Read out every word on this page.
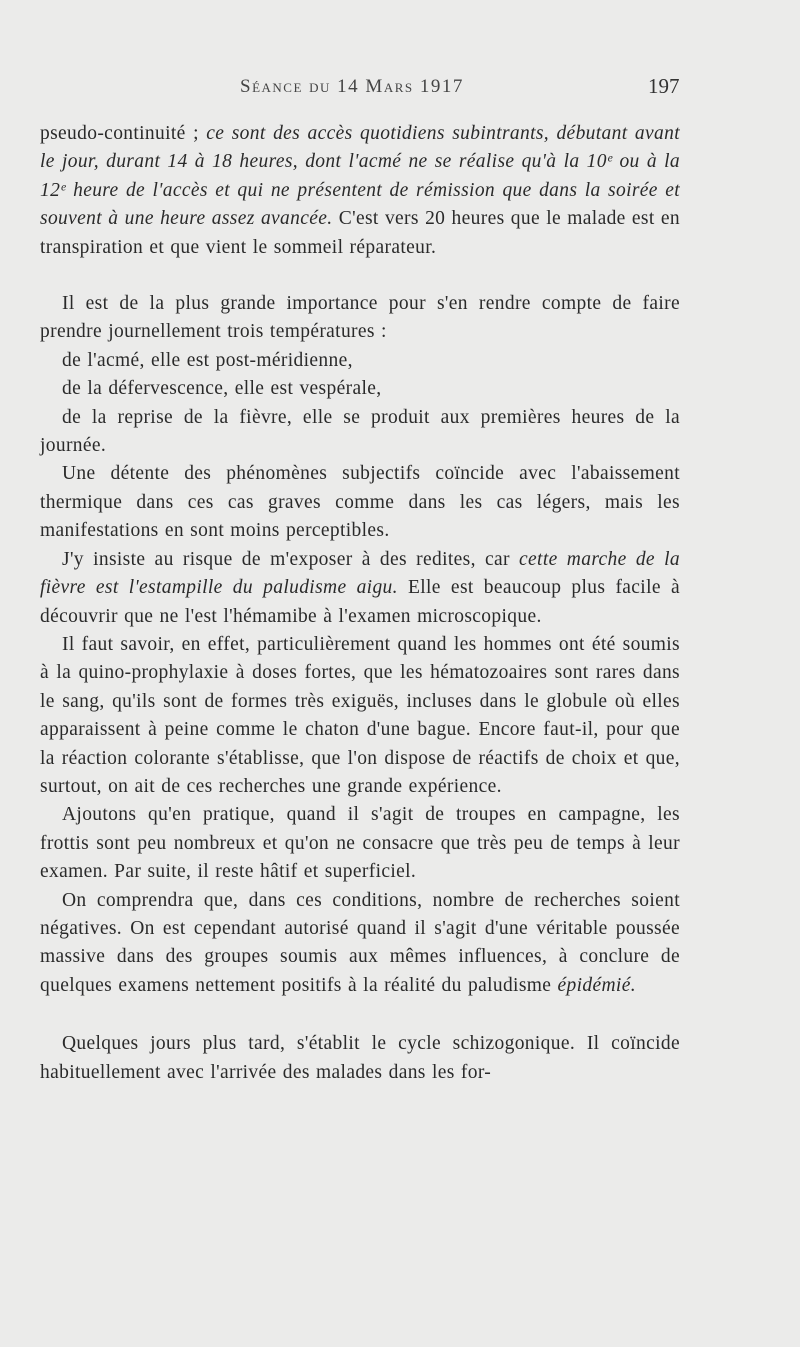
Séance du 14 Mars 1917	197

pseudo-continuité ; ce sont des accès quotidiens subintrants, débutant avant le jour, durant 14 à 18 heures, dont l'acmé ne se réalise qu'à la 10ᵉ ou à la 12ᵉ heure de l'accès et qui ne présentent de rémission que dans la soirée et souvent à une heure assez avancée. C'est vers 20 heures que le malade est en transpiration et que vient le sommeil réparateur.

Il est de la plus grande importance pour s'en rendre compte de faire prendre journellement trois températures :

de l'acmé, elle est post-méridienne,

de la défervescence, elle est vespérale,

de la reprise de la fièvre, elle se produit aux premières heures de la journée.

Une détente des phénomènes subjectifs coïncide avec l'abaissement thermique dans ces cas graves comme dans les cas légers, mais les manifestations en sont moins perceptibles.

J'y insiste au risque de m'exposer à des redites, car cette marche de la fièvre est l'estampille du paludisme aigu. Elle est beaucoup plus facile à découvrir que ne l'est l'hémamibe à l'examen microscopique.

Il faut savoir, en effet, particulièrement quand les hommes ont été soumis à la quino-prophylaxie à doses fortes, que les hématozoaires sont rares dans le sang, qu'ils sont de formes très exiguës, incluses dans le globule où elles apparaissent à peine comme le chaton d'une bague. Encore faut-il, pour que la réaction colorante s'établisse, que l'on dispose de réactifs de choix et que, surtout, on ait de ces recherches une grande expérience.

Ajoutons qu'en pratique, quand il s'agit de troupes en campagne, les frottis sont peu nombreux et qu'on ne consacre que très peu de temps à leur examen. Par suite, il reste hâtif et superficiel.

On comprendra que, dans ces conditions, nombre de recherches soient négatives. On est cependant autorisé quand il s'agit d'une véritable poussée massive dans des groupes soumis aux mêmes influences, à conclure de quelques examens nettement positifs à la réalité du paludisme épidémié.

Quelques jours plus tard, s'établit le cycle schizogonique. Il coïncide habituellement avec l'arrivée des malades dans les for-
